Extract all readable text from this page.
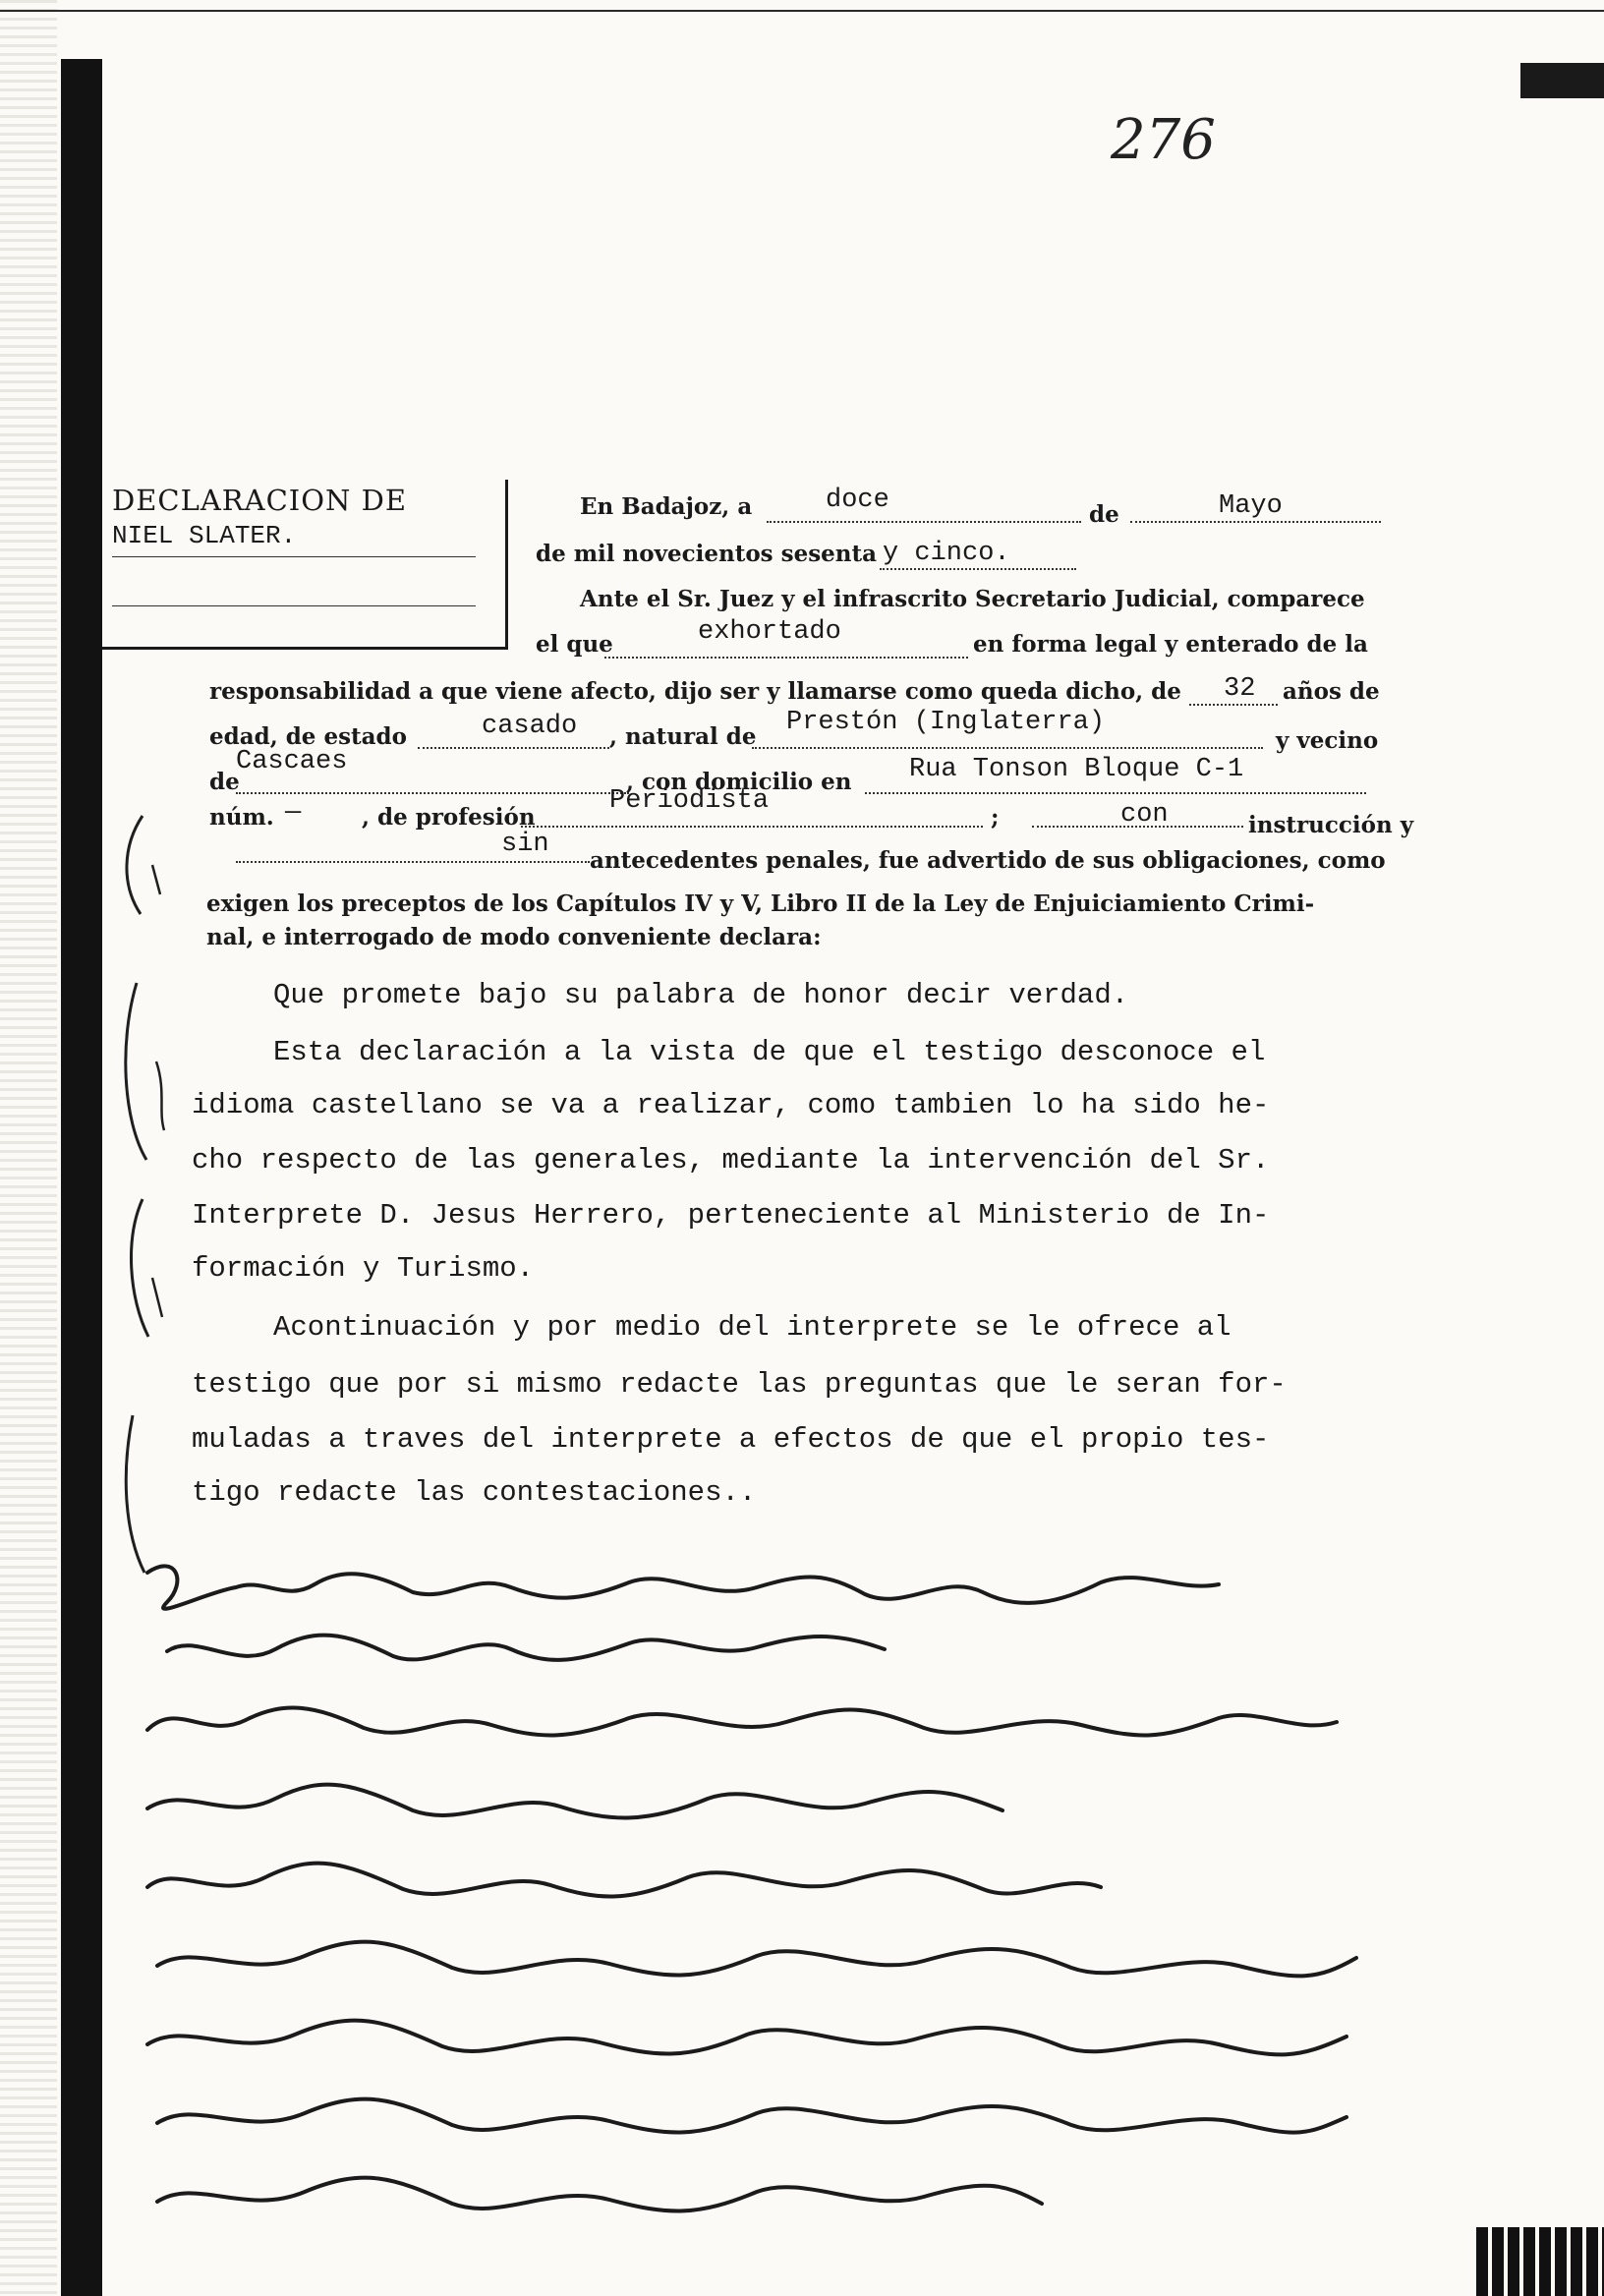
276
DECLARACION DE
NIEL SLATER.
En Badajoz, a	doce	de	Mayo
de mil novecientos sesenta y cinco.
Ante el Sr. Juez y el infrascrito Secretario Judicial, comparece
el que	exhortado	en forma legal y enterado de la
responsabilidad a que viene afecto, dijo ser y llamarse como queda dicho, de 32 años de
edad, de estado	casado , natural de Prestón (Inglaterra)
y vecino
de
Cascaes
, con domicilio en Rua Tonson Bloque C-1
núm. —	, de profesión
Periodista
;	con	instrucción y
sin
antecedentes penales, fue advertido de sus obligaciones, como
exigen los preceptos de los Capítulos IV y V, Libro II de la Ley de Enjuiciamiento Crimi-
nal, e interrogado de modo conveniente declara:
Que promete bajo su palabra de honor decir verdad.
Esta declaración a la vista de que el testigo desconoce el
idioma castellano se va a realizar, como tambien lo ha sido he-
cho respecto de las generales, mediante la intervención del Sr.
Interprete D. Jesus Herrero, perteneciente al Ministerio de In-
formación y Turismo.
Acontinuación y por medio del interprete se le ofrece al
testigo que por si mismo redacte las preguntas que le seran for-
muladas a traves del interprete a efectos de que el propio tes-
tigo redacte las contestaciones..
